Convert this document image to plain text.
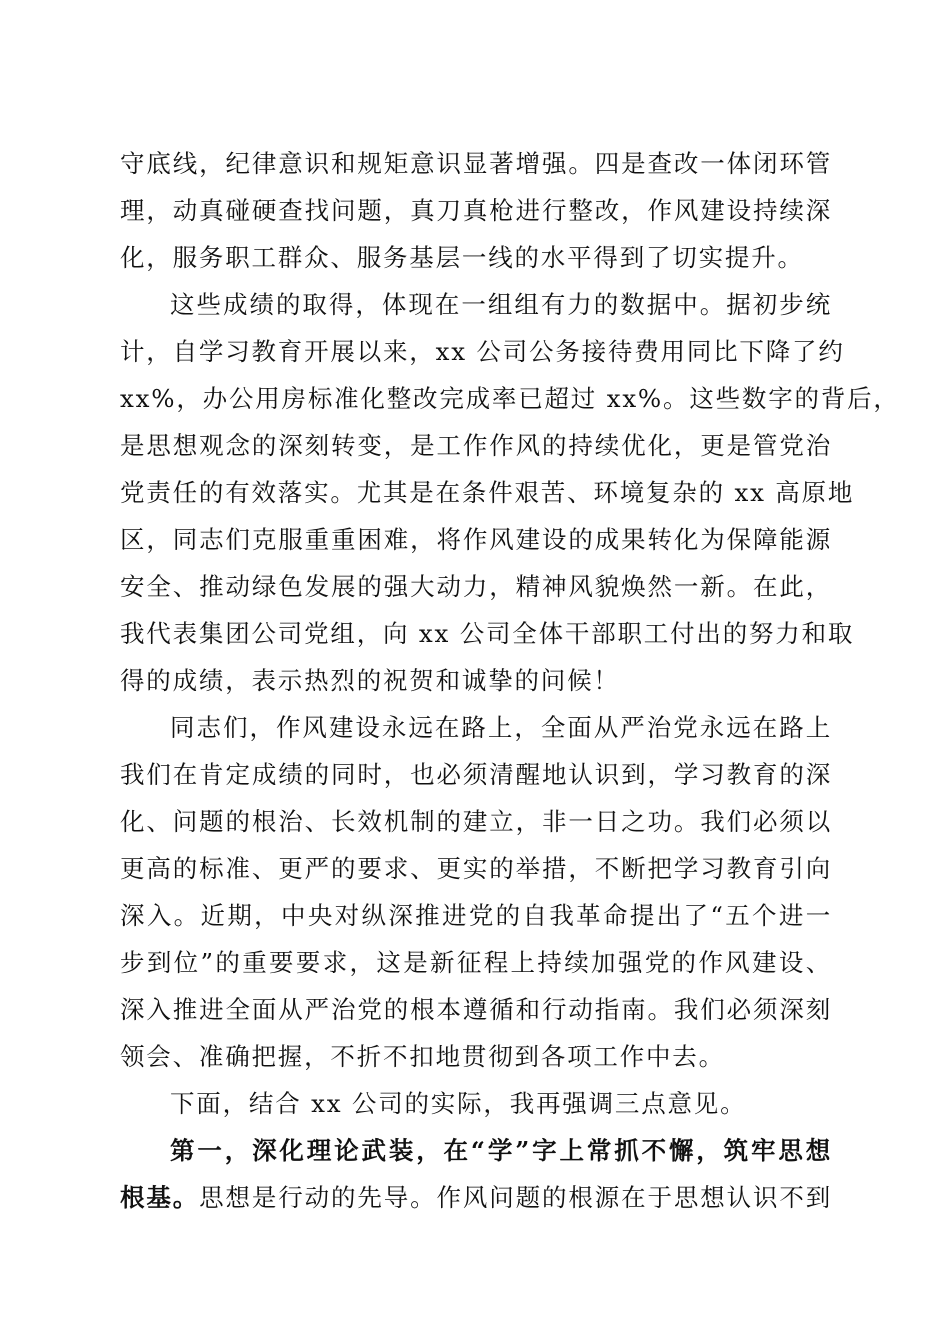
守底线，纪律意识和规矩意识显著增强。四是查改一体闭环管
理，动真碰硬查找问题，真刀真枪进行整改，作风建设持续深
化，服务职工群众、服务基层一线的水平得到了切实提升。
这些成绩的取得，体现在一组组有力的数据中。据初步统
计，自学习教育开展以来，xx 公司公务接待费用同比下降了约
xx%，办公用房标准化整改完成率已超过 xx%。这些数字的背后，
是思想观念的深刻转变，是工作作风的持续优化，更是管党治
党责任的有效落实。尤其是在条件艰苦、环境复杂的 xx 高原地
区，同志们克服重重困难，将作风建设的成果转化为保障能源
安全、推动绿色发展的强大动力，精神风貌焕然一新。在此，
我代表集团公司党组，向 xx 公司全体干部职工付出的努力和取
得的成绩，表示热烈的祝贺和诚挚的问候！
同志们，作风建设永远在路上，全面从严治党永远在路上
我们在肯定成绩的同时，也必须清醒地认识到，学习教育的深
化、问题的根治、长效机制的建立，非一日之功。我们必须以
更高的标准、更严的要求、更实的举措，不断把学习教育引向
深入。近期，中央对纵深推进党的自我革命提出了“五个进一
步到位”的重要要求，这是新征程上持续加强党的作风建设、
深入推进全面从严治党的根本遵循和行动指南。我们必须深刻
领会、准确把握，不折不扣地贯彻到各项工作中去。
下面，结合 xx 公司的实际，我再强调三点意见。
第一，深化理论武装，在“学”字上常抓不懈，筑牢思想
根基。思想是行动的先导。作风问题的根源在于思想认识不到
